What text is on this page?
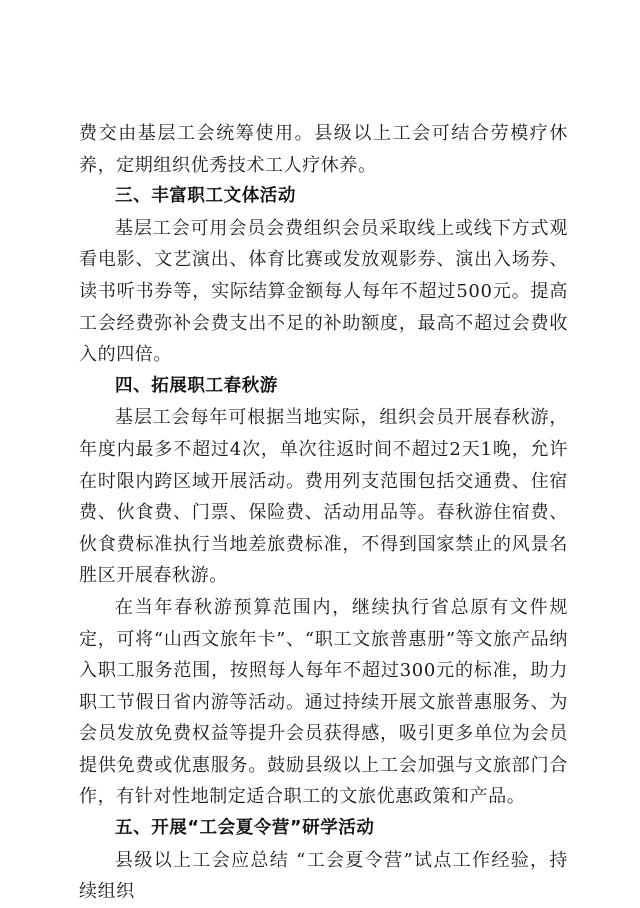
费交由基层工会统筹使用。县级以上工会可结合劳模疗休养，定期组织优秀技术工人疗休养。

三、丰富职工文体活动

基层工会可用会员会费组织会员采取线上或线下方式观看电影、文艺演出、体育比赛或发放观影券、演出入场券、读书听书券等，实际结算金额每人每年不超过500元。提高工会经费弥补会费支出不足的补助额度，最高不超过会费收入的四倍。

四、拓展职工春秋游

基层工会每年可根据当地实际，组织会员开展春秋游，年度内最多不超过4次，单次往返时间不超过2天1晚，允许在时限内跨区域开展活动。费用列支范围包括交通费、住宿费、伙食费、门票、保险费、活动用品等。春秋游住宿费、伙食费标准执行当地差旅费标准，不得到国家禁止的风景名胜区开展春秋游。

在当年春秋游预算范围内，继续执行省总原有文件规定，可将“山西文旅年卡”、“职工文旅普惠册”等文旅产品纳入职工服务范围，按照每人每年不超过300元的标准，助力职工节假日省内游等活动。通过持续开展文旅普惠服务、为会员发放免费权益等提升会员获得感，吸引更多单位为会员提供免费或优惠服务。鼓励县级以上工会加强与文旅部门合作，有针对性地制定适合职工的文旅优惠政策和产品。

五、开展“工会夏令营”研学活动

县级以上工会应总结 “工会夏令营”试点工作经验，持续组织
